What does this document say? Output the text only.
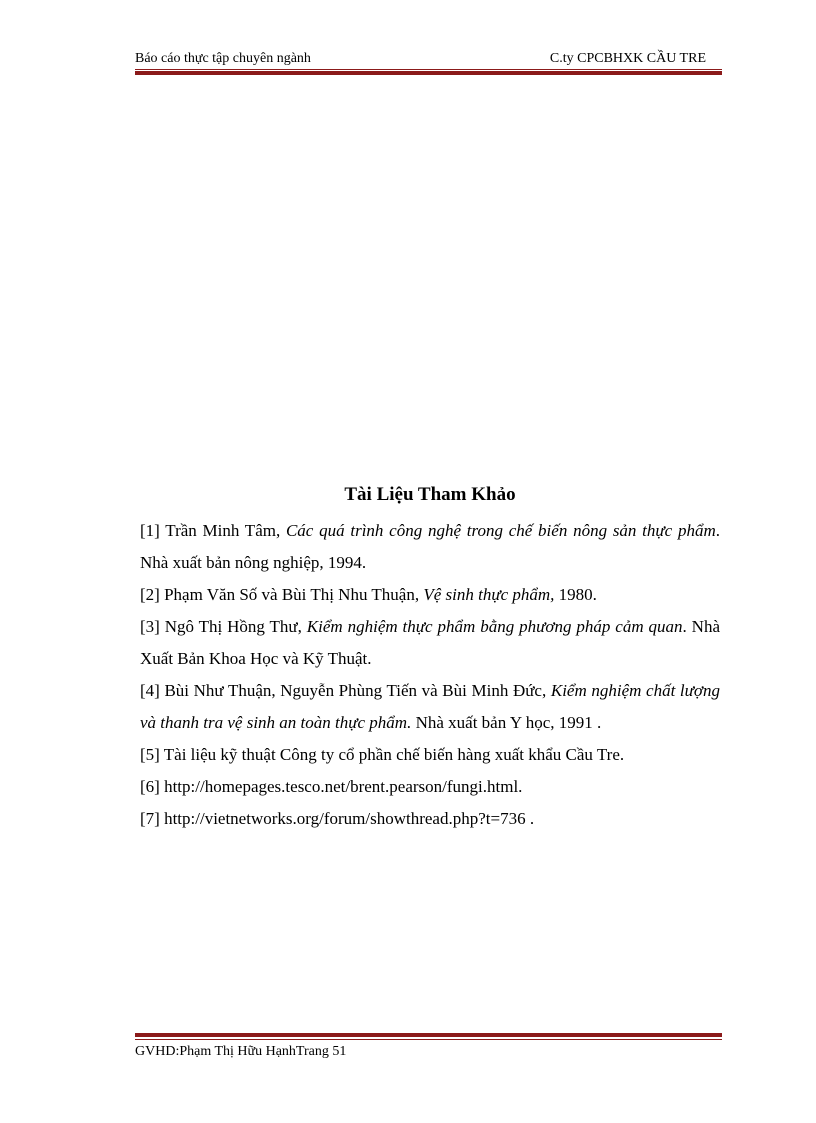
Báo cáo thực tập chuyên ngành	C.ty CPCBHXK CẦU TRE
Tài Liệu Tham Khảo

[1] Trần Minh Tâm, Các quá trình công nghệ trong chế biến nông sản thực phẩm. Nhà xuất bản nông nghiệp, 1994.

[2] Phạm Văn Số và Bùi Thị Nhu Thuận, Vệ sinh thực phẩm, 1980.

[3] Ngô Thị Hồng Thư, Kiểm nghiệm thực phẩm bằng phương pháp cảm quan. Nhà Xuất Bản Khoa Học và Kỹ Thuật.

[4] Bùi Như Thuận, Nguyễn Phùng Tiến và Bùi Minh Đức, Kiểm nghiệm chất lượng và thanh tra vệ sinh an toàn thực phẩm. Nhà xuất bản Y học, 1991 .

[5] Tài liệu kỹ thuật Công ty cổ phần chế biến hàng xuất khẩu Cầu Tre.

[6] http://homepages.tesco.net/brent.pearson/fungi.html.

[7] http://vietnetworks.org/forum/showthread.php?t=736 .

GVHD:Phạm Thị Hữu HạnhTrang 51
